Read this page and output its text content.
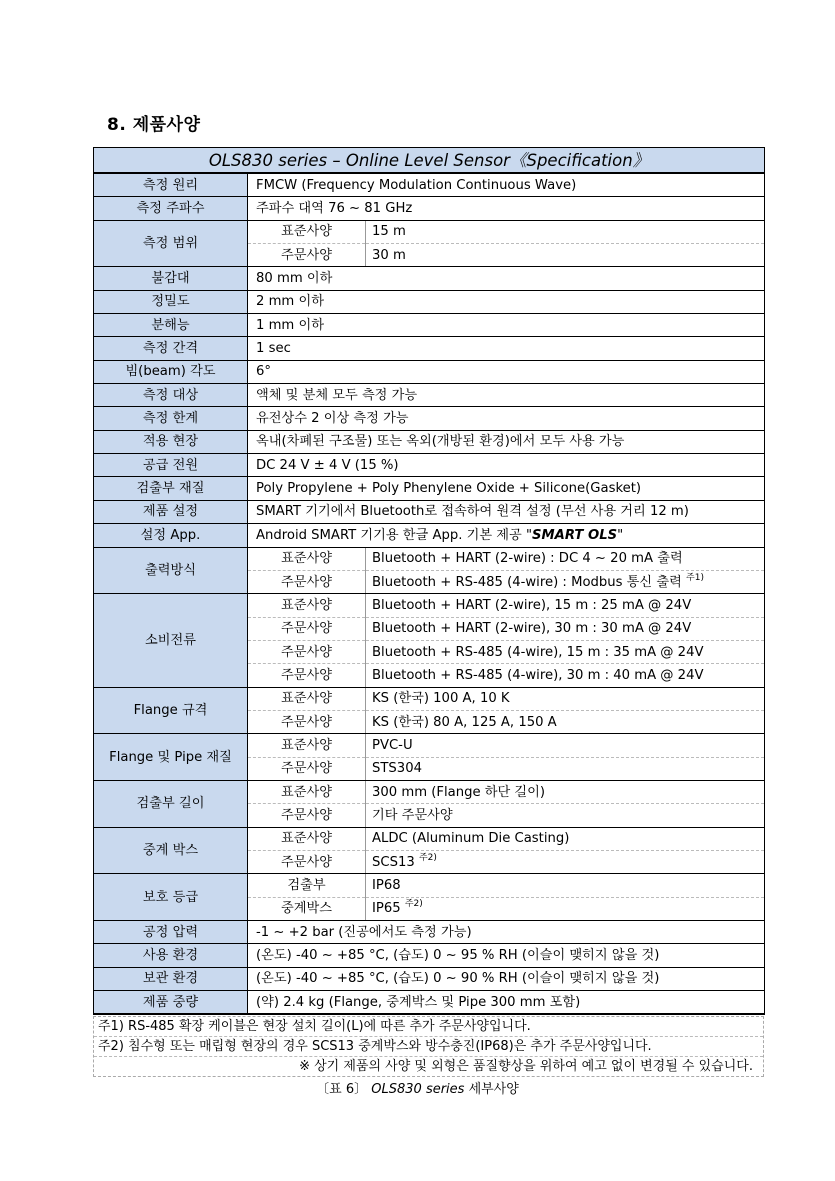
8. 제품사양
OLS830 series – Online Level Sensor《Specification》		
측정 원리	FMCW (Frequency Modulation Continuous Wave)	
측정 주파수	주파수 대역 76 ~ 81 GHz	
측정 범위	표준사양	15 m
	주문사양	30 m
불감대	80 mm 이하	
정밀도	2 mm 이하	
분해능	1 mm 이하	
측정 간격	1 sec	
빔(beam) 각도	6°	
측정 대상	액체 및 분체 모두 측정 가능	
측정 한계	유전상수 2 이상 측정 가능	
적용 현장	옥내(차폐된 구조물) 또는 옥외(개방된 환경)에서 모두 사용 가능	
공급 전원	DC 24 V ± 4 V (15 %)	
검출부 재질	Poly Propylene + Poly Phenylene Oxide + Silicone(Gasket)	
제품 설정	SMART 기기에서 Bluetooth로 접속하여 원격 설정 (무선 사용 거리 12 m)	
설정 App.	Android SMART 기기용 한글 App. 기본 제공 "SMART OLS"	
출력방식	표준사양	Bluetooth + HART (2-wire) : DC 4 ~ 20 mA 출력
	주문사양	Bluetooth + RS-485 (4-wire) : Modbus 통신 출력 $^{주1)}$
소비전류	표준사양	Bluetooth + HART (2-wire), 15 m : 25 mA @ 24V
	주문사양	Bluetooth + HART (2-wire), 30 m : 30 mA @ 24V
	주문사양	Bluetooth + RS-485 (4-wire), 15 m : 35 mA @ 24V
	주문사양	Bluetooth + RS-485 (4-wire), 30 m : 40 mA @ 24V
Flange 규격	표준사양	KS (한국) 100 A, 10 K
	주문사양	KS (한국) 80 A, 125 A, 150 A
Flange 및 Pipe 재질	표준사양	PVC-U
	주문사양	STS304
검출부 길이	표준사양	300 mm (Flange 하단 길이)
	주문사양	기타 주문사양
중계 박스	표준사양	ALDC (Aluminum Die Casting)
	주문사양	SCS13 $^{주2)}$
보호 등급	검출부	IP68
	중계박스	IP65 $^{주2)}$
공정 압력	-1 ~ +2 bar (진공에서도 측정 가능)	
사용 환경	(온도) -40 ~ +85 °C, (습도) 0 ~ 95 % RH (이슬이 맺히지 않을 것)	
보관 환경	(온도) -40 ~ +85 °C, (습도) 0 ~ 90 % RH (이슬이 맺히지 않을 것)	
제품 중량	(약) 2.4 kg (Flange, 중계박스 및 Pipe 300 mm 포함)	
주1) RS-485 확장 케이블은 현장 설치 길이(L)에 따른 추가 주문사양입니다.
주2) 침수형 또는 매립형 현장의 경우 SCS13 중계박스와 방수충진(IP68)은 추가 주문사양입니다.
※ 상기 제품의 사양 및 외형은 품질향상을 위하여 예고 없이 변경될 수 있습니다.
〔표 6〕 OLS830 series 세부사양
